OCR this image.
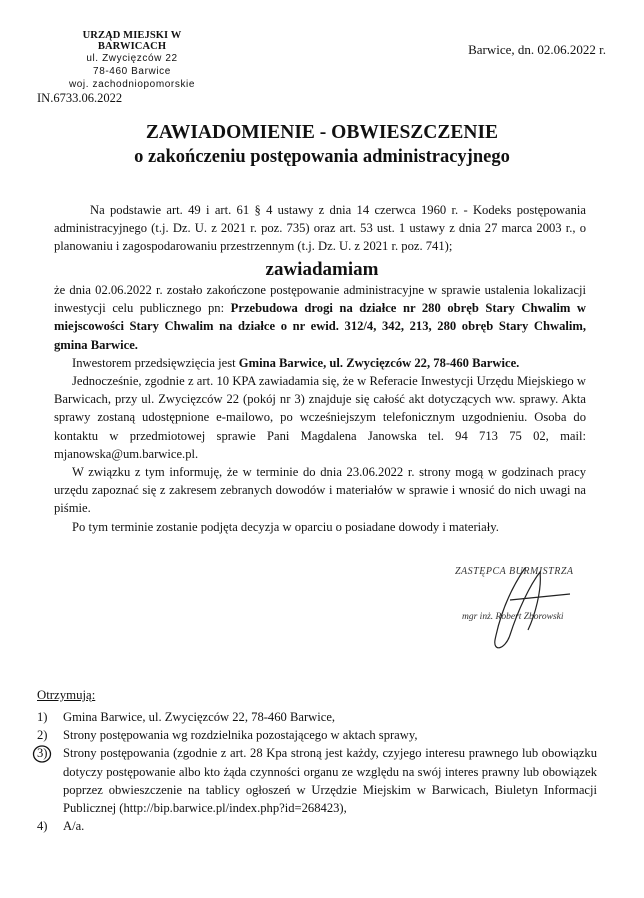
URZĄD MIEJSKI W BARWICACH
ul. Zwycięzców 22
78-460 Barwice
woj. zachodniopomorskie
Barwice, dn. 02.06.2022 r.
IN.6733.06.2022
ZAWIADOMIENIE - OBWIESZCZENIE
o zakończeniu postępowania administracyjnego
Na podstawie art. 49 i art. 61 § 4 ustawy z dnia 14 czerwca 1960 r. - Kodeks postępowania administracyjnego (t.j. Dz. U. z 2021 r. poz. 735) oraz art. 53 ust. 1 ustawy z dnia 27 marca 2003 r., o planowaniu i zagospodarowaniu przestrzennym (t.j. Dz. U. z 2021 r. poz. 741);
zawiadamiam
że dnia 02.06.2022 r. zostało zakończone postępowanie administracyjne w sprawie ustalenia lokalizacji inwestycji celu publicznego pn: Przebudowa drogi na działce nr 280 obręb Stary Chwalim w miejscowości Stary Chwalim na działce o nr ewid. 312/4, 342, 213, 280 obręb Stary Chwalim, gmina Barwice.
Inwestorem przedsięwzięcia jest Gmina Barwice, ul. Zwycięzców 22, 78-460 Barwice.
Jednocześnie, zgodnie z art. 10 KPA zawiadamia się, że w Referacie Inwestycji Urzędu Miejskiego w Barwicach, przy ul. Zwycięzców 22 (pokój nr 3) znajduje się całość akt dotyczących ww. sprawy. Akta sprawy zostaną udostępnione e-mailowo, po wcześniejszym telefonicznym uzgodnieniu. Osoba do kontaktu w przedmiotowej sprawie Pani Magdalena Janowska tel. 94 713 75 02, mail: mjanowska@um.barwice.pl.
W związku z tym informuję, że w terminie do dnia 23.06.2022 r. strony mogą w godzinach pracy urzędu zapoznać się z zakresem zebranych dowodów i materiałów w sprawie i wnosić do nich uwagi na piśmie.
Po tym terminie zostanie podjęta decyzja w oparciu o posiadane dowody i materiały.
ZASTĘPCA BURMISTRZA
mgr inż. Robert Zborowski
Otrzymują:
1)	Gmina Barwice, ul. Zwycięzców 22, 78-460 Barwice,
2)	Strony postępowania wg rozdzielnika pozostającego w aktach sprawy,
3)	Strony postępowania (zgodnie z art. 28 Kpa stroną jest każdy, czyjego interesu prawnego lub obowiązku dotyczy postępowanie albo kto żąda czynności organu ze względu na swój interes prawny lub obowiązek poprzez obwieszczenie na tablicy ogłoszeń w Urzędzie Miejskim w Barwicach, Biuletyn Informacji Publicznej (http://bip.barwice.pl/index.php?id=268423),
4)	A/a.
